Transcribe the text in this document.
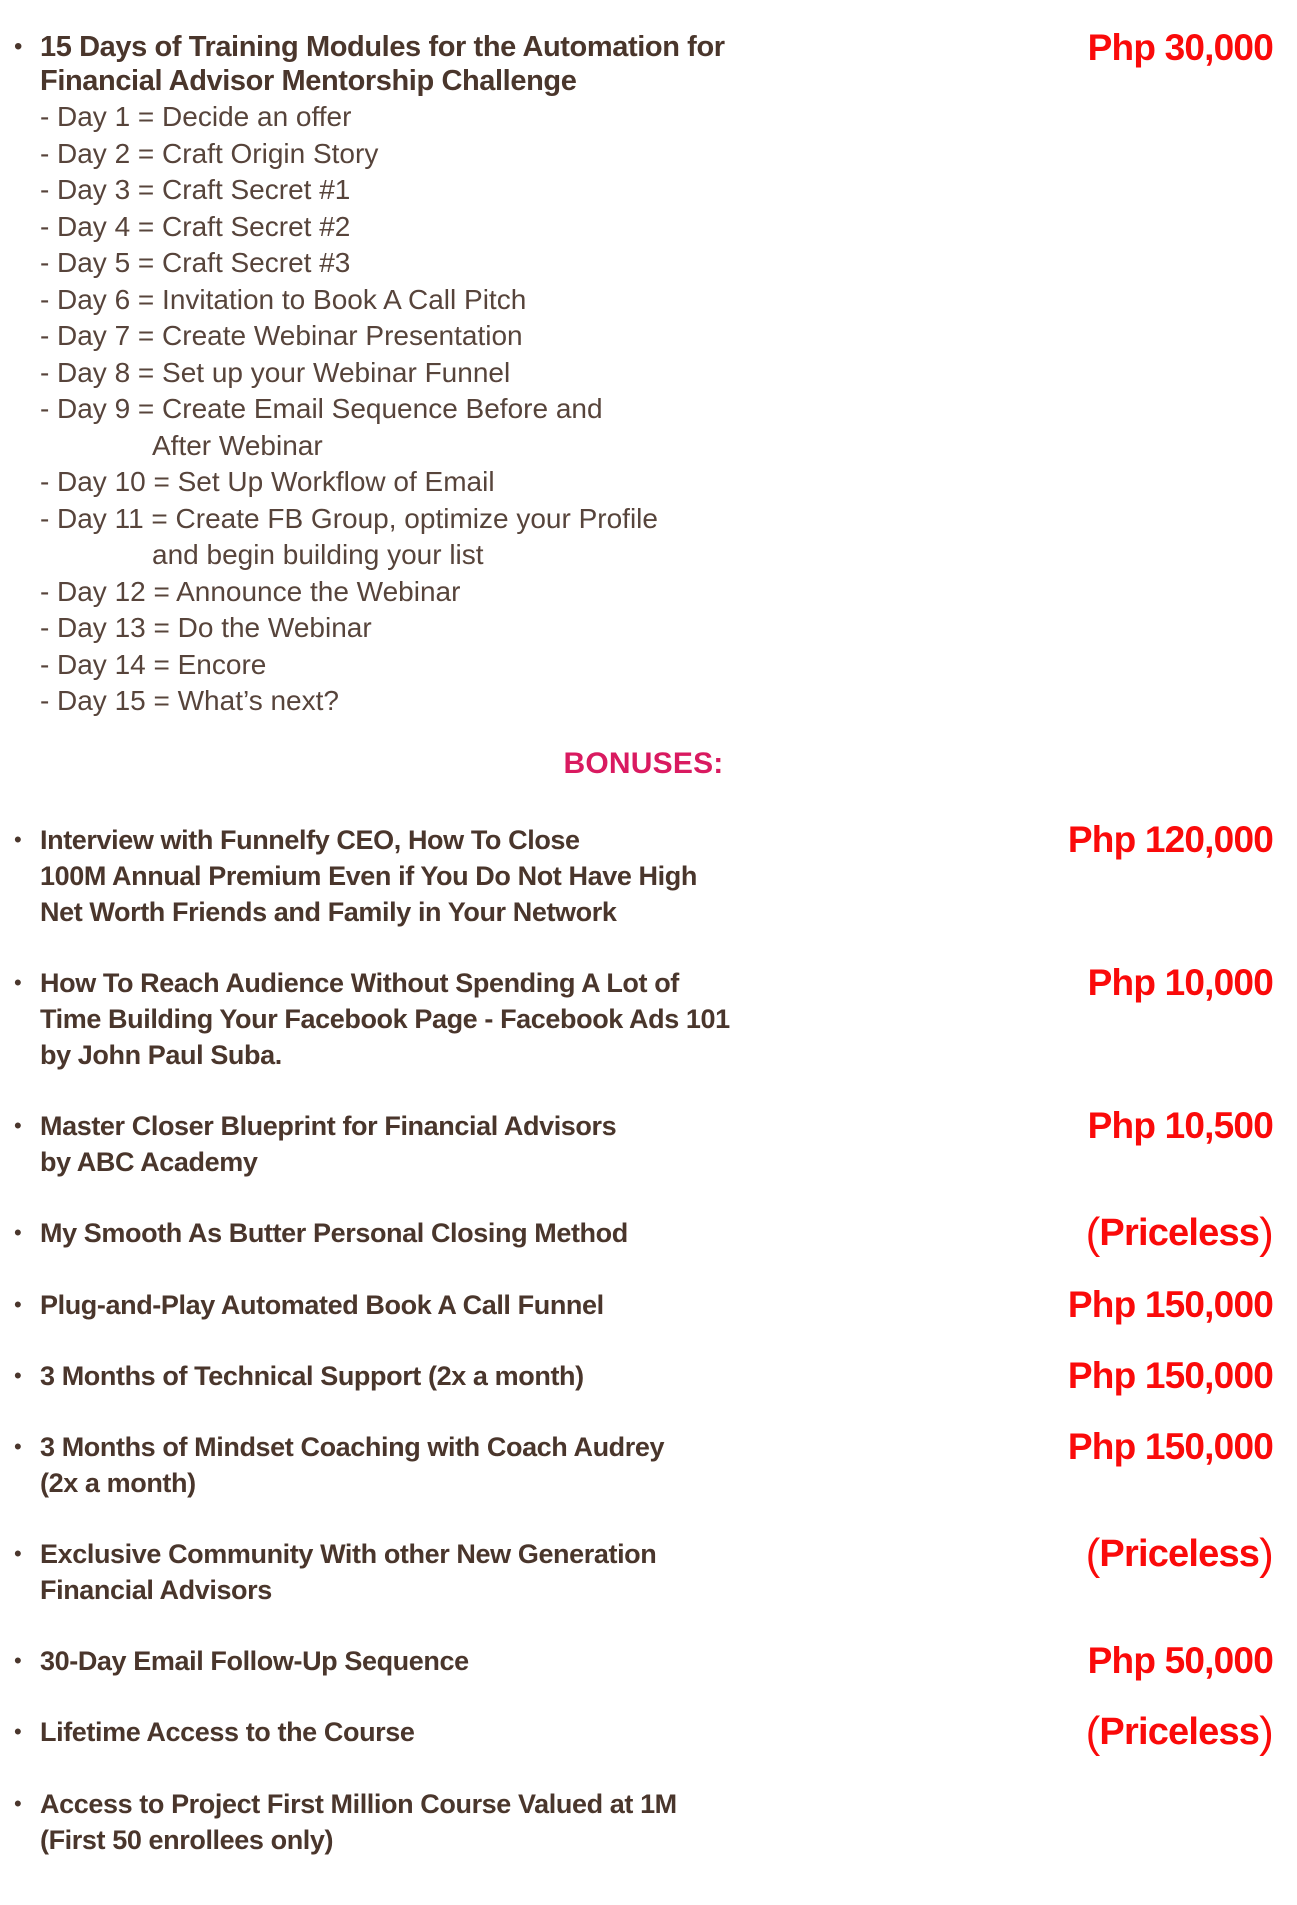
• 15 Days of Training Modules for the Automation for
Financial Advisor Mentorship Challenge
Php 30,000
- Day 1 = Decide an offer
- Day 2 = Craft Origin Story
- Day 3 = Craft Secret #1
- Day 4 = Craft Secret #2
- Day 5 = Craft Secret #3
- Day 6 = Invitation to Book A Call Pitch
- Day 7 = Create Webinar Presentation
- Day 8 = Set up your Webinar Funnel
- Day 9 = Create Email Sequence Before and
After Webinar
- Day 10 = Set Up Workflow of Email
- Day 11 = Create FB Group, optimize your Profile
and begin building your list
- Day 12 = Announce the Webinar
- Day 13 = Do the Webinar
- Day 14 = Encore
- Day 15 = What’s next?
BONUSES:
• Interview with Funnelfy CEO, How To Close
100M Annual Premium Even if You Do Not Have High
Net Worth Friends and Family in Your Network
Php 120,000
• How To Reach Audience Without Spending A Lot of
Time Building Your Facebook Page - Facebook Ads 101
by John Paul Suba.
Php 10,000
• Master Closer Blueprint for Financial Advisors
by ABC Academy
Php 10,500
• My Smooth As Butter Personal Closing Method	(Priceless)
• Plug-and-Play Automated Book A Call Funnel	Php 150,000
• 3 Months of Technical Support (2x a month)	Php 150,000
• 3 Months of Mindset Coaching with Coach Audrey
(2x a month)
Php 150,000
• Exclusive Community With other New Generation
Financial Advisors
(Priceless)
• 30-Day Email Follow-Up Sequence	Php 50,000
• Lifetime Access to the Course	(Priceless)
• Access to Project First Million Course Valued at 1M
(First 50 enrollees only)
